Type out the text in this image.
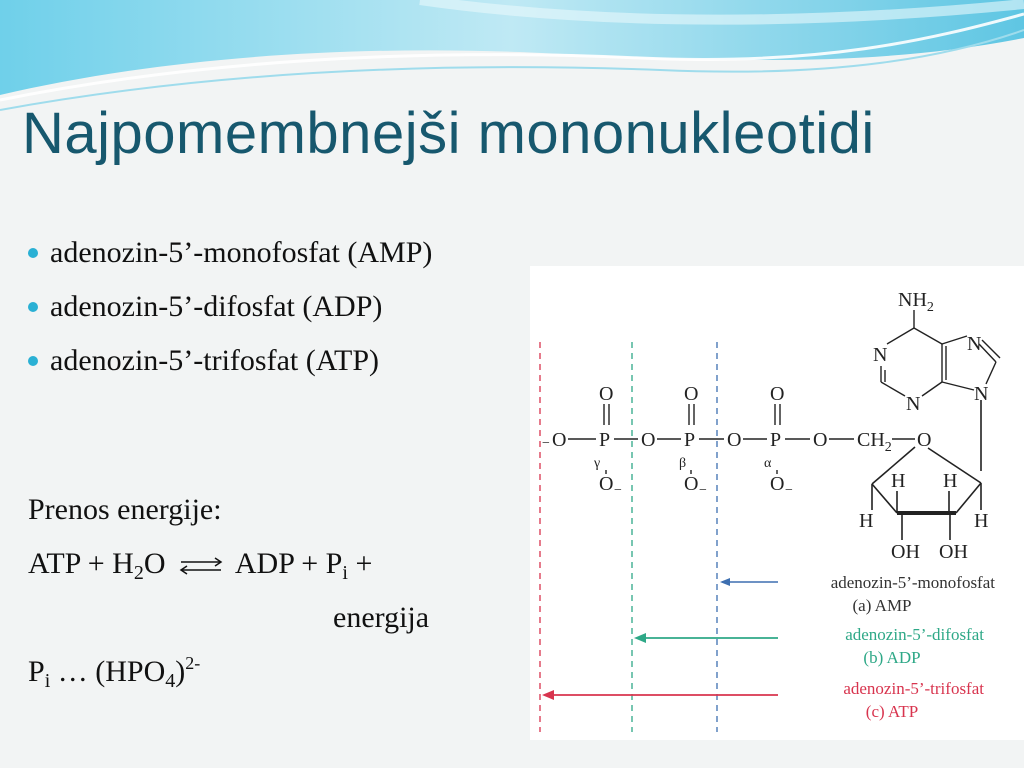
Najpomembnejši mononukleotidi
adenozin-5’-monofosfat (AMP)
adenozin-5’-difosfat (ADP)
adenozin-5’-trifosfat (ATP)
Prenos energije:
ATP + $H_2O$ ⇌ ADP + $P_i$ +
energija
$P_i$ … $(HPO_4)^{2-}$
− O P O P O P O $CH_2$
O	O	O
O	O	O
−	−	−
γ	β	α
O
H H
H	H
OH OH
$NH_2$
N	N
N	N
adenozin-5’-monofosfat
(a) AMP
adenozin-5’-difosfat
(b) ADP
adenozin-5’-trifosfat
(c) ATP
